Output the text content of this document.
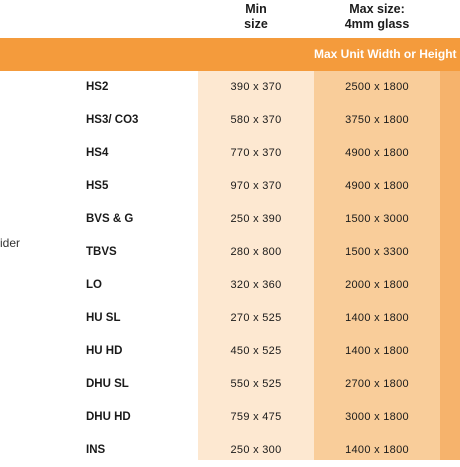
Min
size
Max size:
4mm glass
Max Unit Width or Height
ider
HS2	390 x 370	2500 x 1800
HS3/ CO3	580 x 370	3750 x 1800
HS4	770 x 370	4900 x 1800
HS5	970 x 370	4900 x 1800
BVS & G	250 x 390	1500 x 3000
TBVS	280 x 800	1500 x 3300
LO	320 x 360	2000 x 1800
HU SL	270 x 525	1400 x 1800
HU HD	450 x 525	1400 x 1800
DHU SL	550 x 525	2700 x 1800
DHU HD	759 x 475	3000 x 1800
INS	250 x 300	1400 x 1800
